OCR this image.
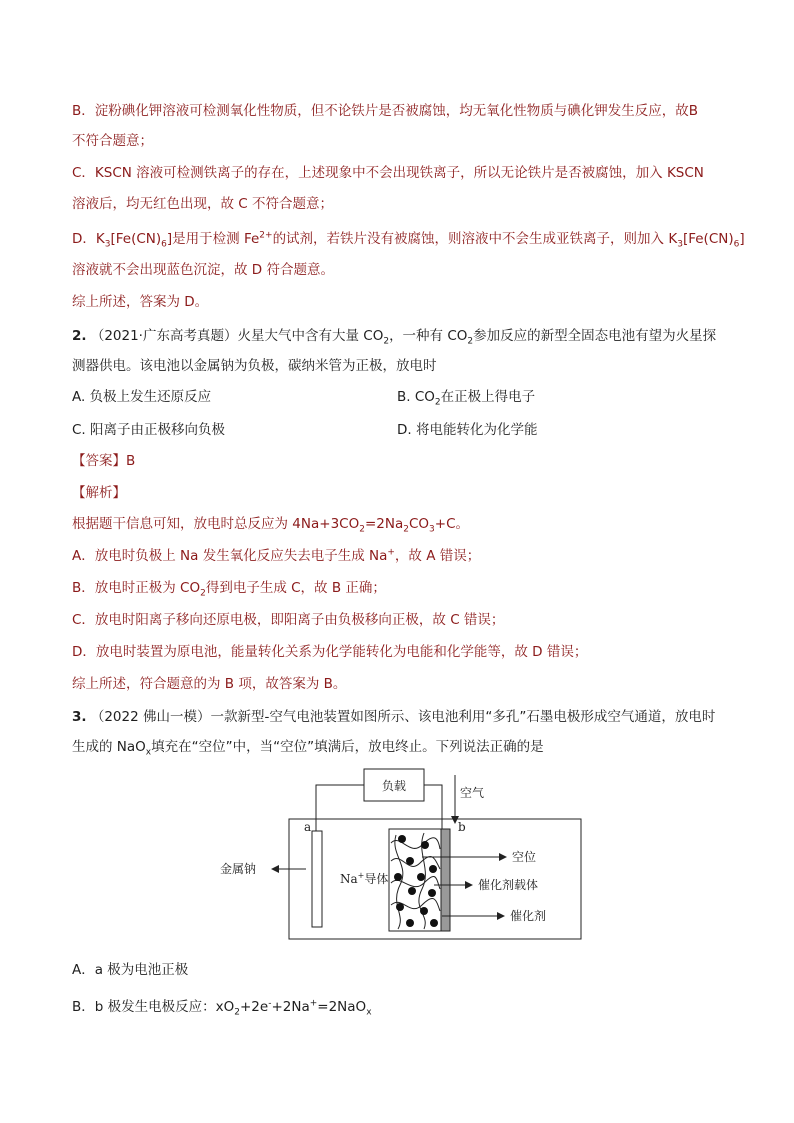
B．淀粉碘化钾溶液可检测氧化性物质，但不论铁片是否被腐蚀，均无氧化性物质与碘化钾发生反应，故B
不符合题意；
C．KSCN 溶液可检测铁离子的存在，上述现象中不会出现铁离子，所以无论铁片是否被腐蚀，加入 KSCN
溶液后，均无红色出现，故 C 不符合题意；
D．$K_3[Fe(CN)_6]$是用于检测 $Fe^{2+}$的试剂，若铁片没有被腐蚀，则溶液中不会生成亚铁离子，则加入 $K_3[Fe(CN)_6]$
溶液就不会出现蓝色沉淀，故 D 符合题意。
综上所述，答案为 D。
2. （2021·广东高考真题）火星大气中含有大量 $CO_2$，一种有 $CO_2$参加反应的新型全固态电池有望为火星探
测器供电。该电池以金属钠为负极，碳纳米管为正极，放电时
A. 负极上发生还原反应	B. $CO_2$在正极上得电子
C. 阳离子由正极移向负极	D. 将电能转化为化学能
【答案】B
【解析】
根据题干信息可知，放电时总反应为 $4Na+3CO_2=2Na_2CO_3+C$。
A．放电时负极上 Na 发生氧化反应失去电子生成 Na+，故 A 错误；
B．放电时正极为 $CO_2$得到电子生成 C，故 B 正确；
C．放电时阳离子移向还原电极，即阳离子由负极移向正极，故 C 错误；
D．放电时装置为原电池，能量转化关系为化学能转化为电能和化学能等，故 D 错误；
综上所述，符合题意的为 B 项，故答案为 B。
3. （2022 佛山一模）一款新型-空气电池装置如图所示、该电池利用“多孔”石墨电极形成空气通道，放电时
生成的 NaO$_x$填充在“空位”中，当“空位”填满后，放电终止。下列说法正确的是
负载	空气
a
金属钠
Na+导体
b
空位
催化剂载体
催化剂
A．a 极为电池正极
B．b 极发生电极反应：$xO_2+2e^-+2Na^+=2NaO_x$
